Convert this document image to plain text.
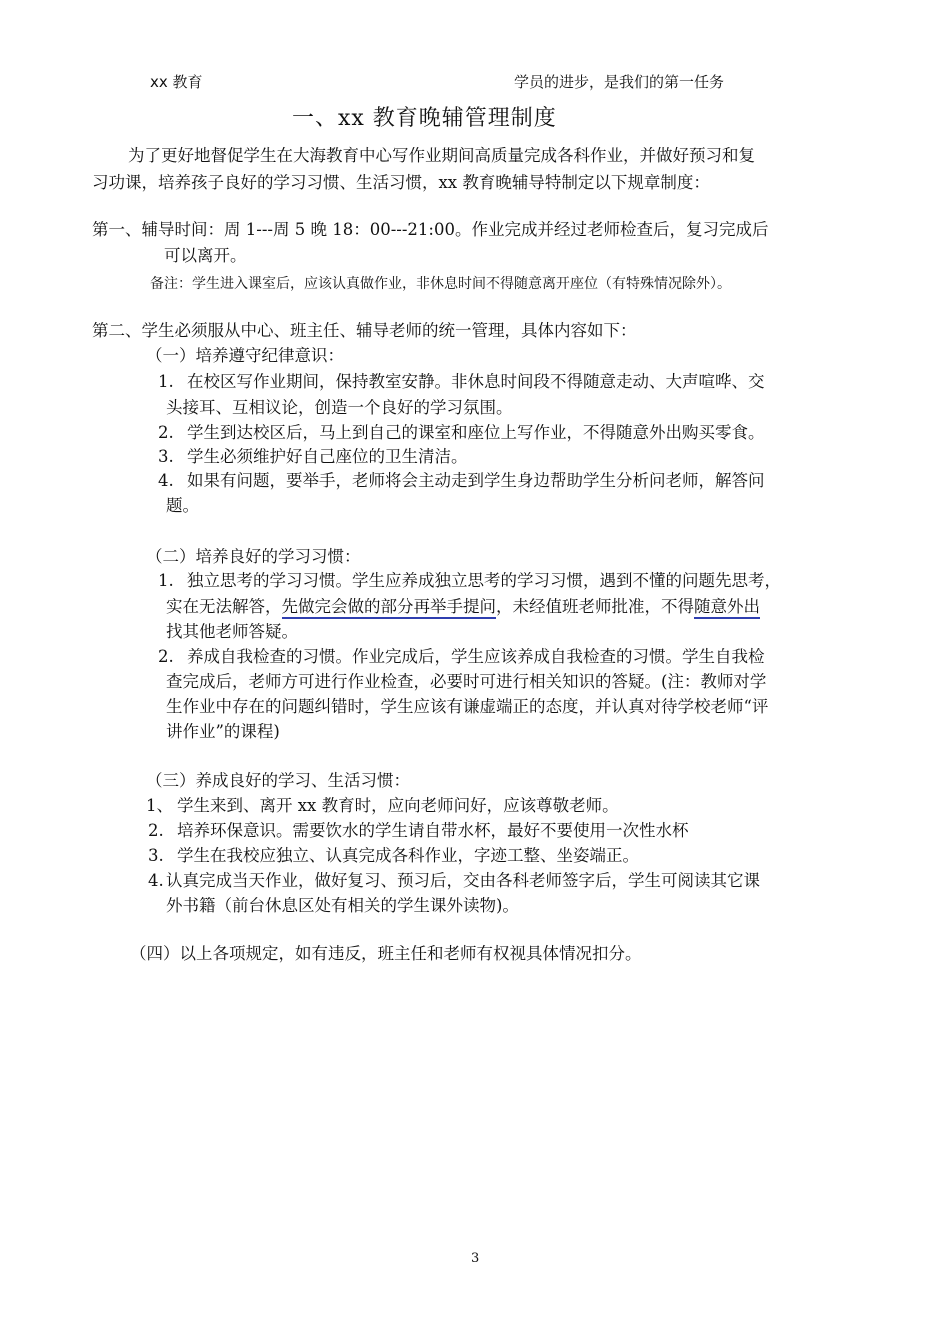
xx 教育	学员的进步，是我们的第一任务
一、xx 教育晚辅管理制度
为了更好地督促学生在大海教育中心写作业期间高质量完成各科作业，并做好预习和复
习功课，培养孩子良好的学习习惯、生活习惯，xx 教育晚辅导特制定以下规章制度：
第一、辅导时间：周 1---周 5 晚 18：00---21:00。作业完成并经过老师检查后，复习完成后
可以离开。
备注：学生进入课室后，应该认真做作业，非休息时间不得随意离开座位（有特殊情况除外）。
第二、学生必须服从中心、班主任、辅导老师的统一管理，具体内容如下：
（一）培养遵守纪律意识：
1. 在校区写作业期间，保持教室安静。非休息时间段不得随意走动、大声喧哗、交
头接耳、互相议论，创造一个良好的学习氛围。
2. 学生到达校区后，马上到自己的课室和座位上写作业，不得随意外出购买零食。
3. 学生必须维护好自己座位的卫生清洁。
4. 如果有问题，要举手，老师将会主动走到学生身边帮助学生分析问老师，解答问
题。
（二）培养良好的学习习惯：
1. 独立思考的学习习惯。学生应养成独立思考的学习习惯，遇到不懂的问题先思考，
实在无法解答，先做完会做的部分再举手提问，未经值班老师批准，不得随意外出
找其他老师答疑。
2. 养成自我检查的习惯。作业完成后，学生应该养成自我检查的习惯。学生自我检
查完成后，老师方可进行作业检查，必要时可进行相关知识的答疑。(注：教师对学
生作业中存在的问题纠错时，学生应该有谦虚端正的态度，并认真对待学校老师“评
讲作业”的课程)
（三）养成良好的学习、生活习惯：
1、 学生来到、离开 xx 教育时，应向老师问好，应该尊敬老师。
2. 培养环保意识。需要饮水的学生请自带水杯，最好不要使用一次性水杯
3. 学生在我校应独立、认真完成各科作业，字迹工整、坐姿端正。
4. 认真完成当天作业，做好复习、预习后，交由各科老师签字后，学生可阅读其它课
外书籍（前台休息区处有相关的学生课外读物)。
（四）以上各项规定，如有违反，班主任和老师有权视具体情况扣分。
3
